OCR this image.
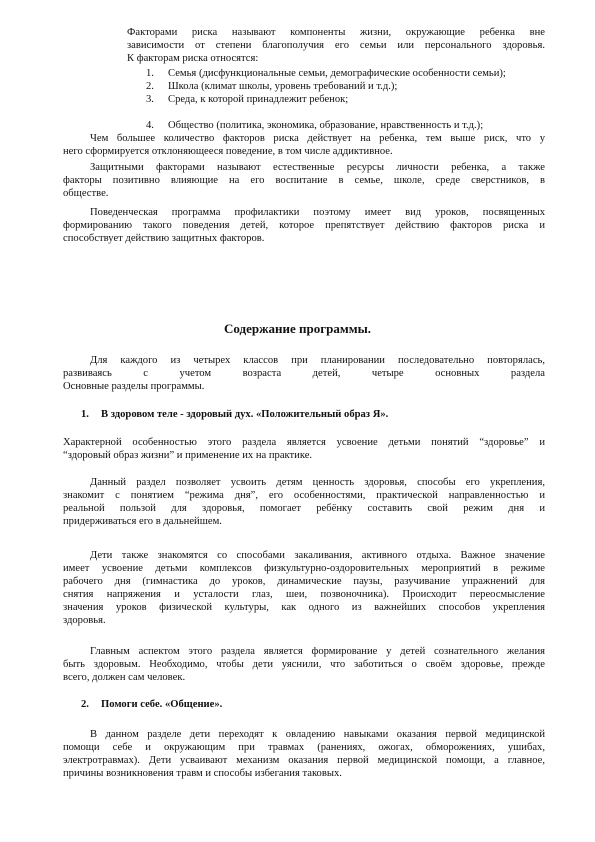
Факторами риска называют компоненты жизни, окружающие ребенка вне
зависимости от степени благополучия его семьи или персонального здоровья.
К факторам риска относятся:

1. Семья (дисфункциональные семьи, демографические особенности семьи);
2. Школа (климат школы, уровень требований и т.д.);
3. Среда, к которой принадлежит ребенок;
4. Общество (политика, экономика, образование, нравственность и т.д.);

Чем большее количество факторов риска действует на ребенка, тем выше риск, что у
него сформируется отклоняющееся поведение, в том числе аддиктивное.

Защитными факторами называют естественные ресурсы личности ребенка, а также
факторы позитивно влияющие на его воспитание в семье, школе, среде сверстников, в
обществе.

Поведенческая программа профилактики поэтому имеет вид уроков, посвященных
формированию такого поведения детей, которое препятствует действию факторов риска и
способствует действию защитных факторов.

Содержание программы.

Для каждого из четырех классов при планировании последовательно повторялась,
развиваясь с учетом возраста детей, четыре основных раздела
Основные разделы программы.

1. В здоровом теле - здоровый дух. «Положительный образ Я».

Характерной особенностью этого раздела является усвоение детьми понятий “здоровье” и
“здоровый образ жизни” и применение их на практике.

Данный раздел позволяет усвоить детям ценность здоровья, способы его укрепления,
знакомит с понятием “режима дня”, его особенностями, практической направленностью и
реальной пользой для здоровья, помогает ребёнку составить свой режим дня и
придерживаться его в дальнейшем.

Дети также знакомятся со способами закаливания, активного отдыха. Важное значение
имеет усвоение детьми комплексов физкультурно-оздоровительных мероприятий в режиме
рабочего дня (гимнастика до уроков, динамические паузы, разучивание упражнений для
снятия напряжения и усталости глаз, шеи, позвоночника). Происходит переосмысление
значения уроков физической культуры, как одного из важнейших способов укрепления
здоровья.

Главным аспектом этого раздела является формирование у детей сознательного желания
быть здоровым. Необходимо, чтобы дети уяснили, что заботиться о своём здоровье, прежде
всего, должен сам человек.

2. Помоги себе. «Общение».

В данном разделе дети переходят к овладению навыками оказания первой медицинской
помощи себе и окружающим при травмах (ранениях, ожогах, обморожениях, ушибах,
электротравмах). Дети усваивают механизм оказания первой медицинской помощи, а главное,
причины возникновения травм и способы избегания таковых.
